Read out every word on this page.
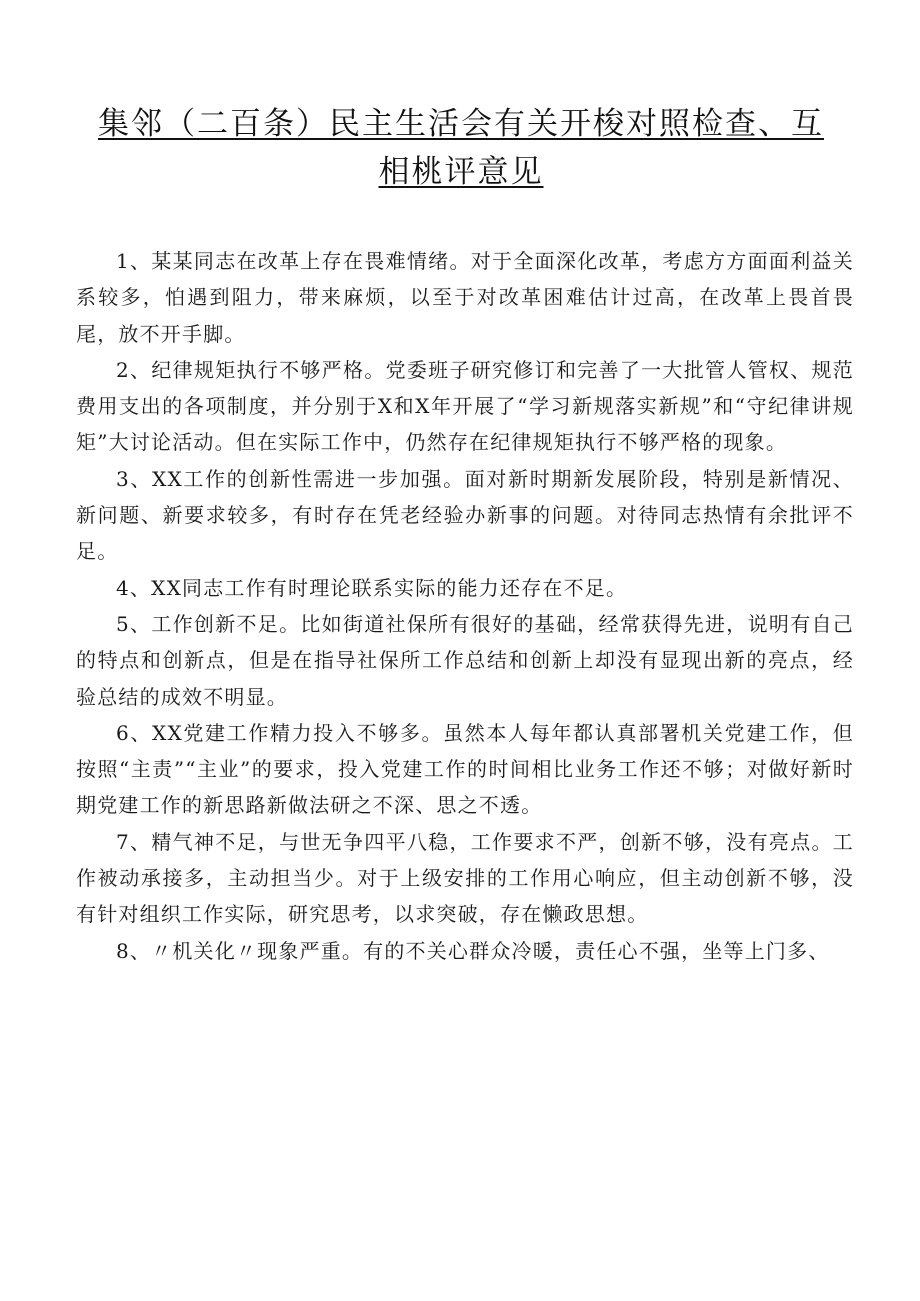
集邻（二百条）民主生活会有关开梭对照检查、互
相桃评意见

1、某某同志在改革上存在畏难情绪。对于全面深化改革，考虑方方面面利益关系较多，怕遇到阻力，带来麻烦，以至于对改革困难估计过高，在改革上畏首畏尾，放不开手脚。

2、纪律规矩执行不够严格。党委班子研究修订和完善了一大批管人管权、规范费用支出的各项制度，并分别于X和X年开展了“学习新规落实新规”和“守纪律讲规矩”大讨论活动。但在实际工作中，仍然存在纪律规矩执行不够严格的现象。

3、XX工作的创新性需进一步加强。面对新时期新发展阶段，特别是新情况、新问题、新要求较多，有时存在凭老经验办新事的问题。对待同志热情有余批评不足。

4、XX同志工作有时理论联系实际的能力还存在不足。

5、工作创新不足。比如街道社保所有很好的基础，经常获得先进，说明有自己的特点和创新点，但是在指导社保所工作总结和创新上却没有显现出新的亮点，经验总结的成效不明显。

6、XX党建工作精力投入不够多。虽然本人每年都认真部署机关党建工作，但按照“主责”“主业”的要求，投入党建工作的时间相比业务工作还不够；对做好新时期党建工作的新思路新做法研之不深、思之不透。

7、精气神不足，与世无争四平八稳，工作要求不严，创新不够，没有亮点。工作被动承接多，主动担当少。对于上级安排的工作用心响应，但主动创新不够，没有针对组织工作实际，研究思考，以求突破，存在懒政思想。

8、〃机关化〃现象严重。有的不关心群众冷暖，责任心不强，坐等上门多、
